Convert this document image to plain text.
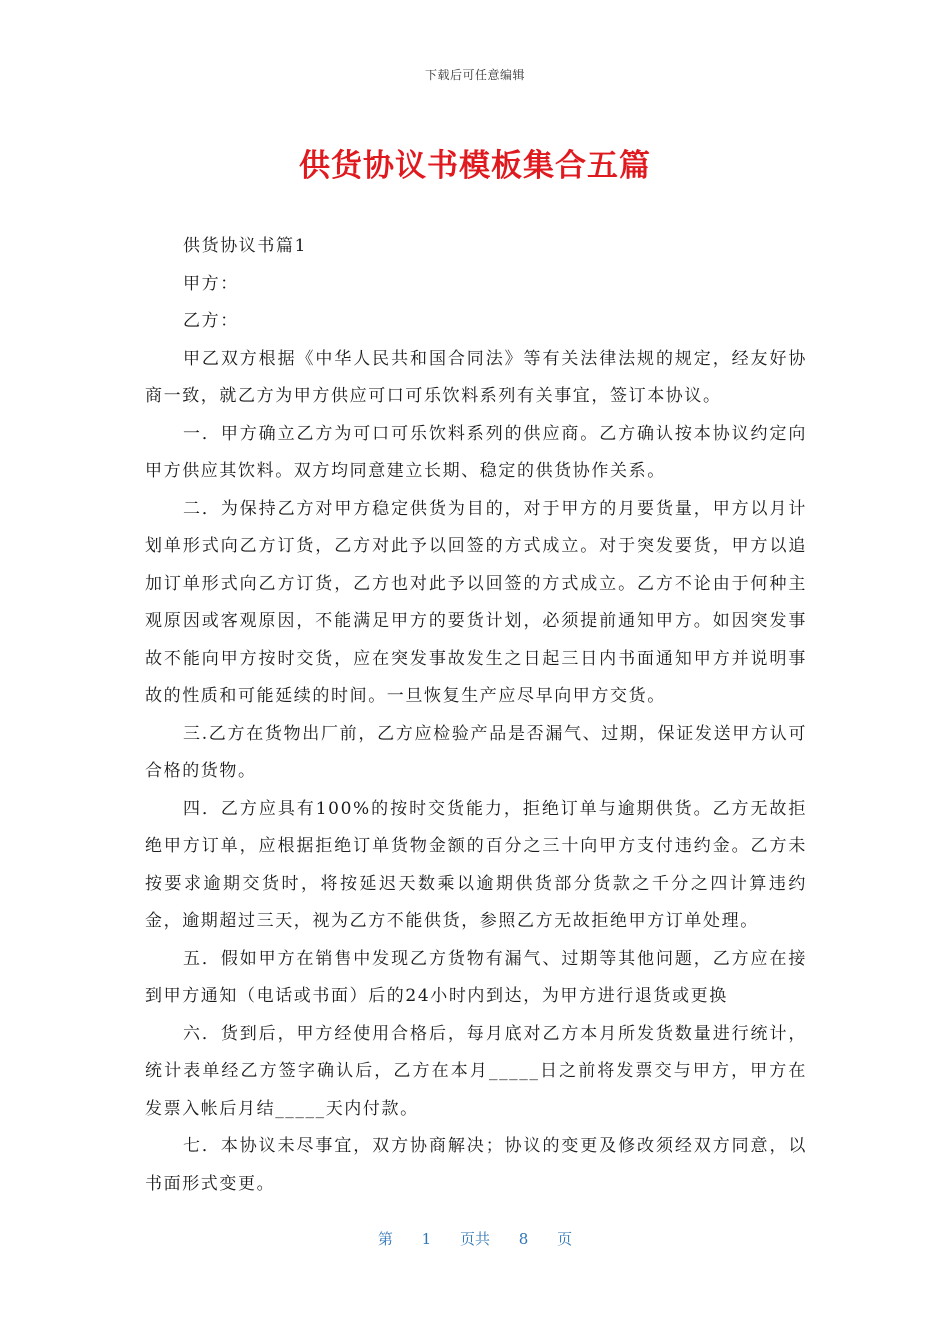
下载后可任意编辑
供货协议书模板集合五篇

供货协议书篇1

甲方：

乙方：

甲乙双方根据《中华人民共和国合同法》等有关法律法规的规定，经友好协商一致，就乙方为甲方供应可口可乐饮料系列有关事宜，签订本协议。

一．甲方确立乙方为可口可乐饮料系列的供应商。乙方确认按本协议约定向甲方供应其饮料。双方均同意建立长期、稳定的供货协作关系。

二．为保持乙方对甲方稳定供货为目的，对于甲方的月要货量，甲方以月计划单形式向乙方订货，乙方对此予以回签的方式成立。对于突发要货，甲方以追加订单形式向乙方订货，乙方也对此予以回签的方式成立。乙方不论由于何种主观原因或客观原因，不能满足甲方的要货计划，必须提前通知甲方。如因突发事故不能向甲方按时交货，应在突发事故发生之日起三日内书面通知甲方并说明事故的性质和可能延续的时间。一旦恢复生产应尽早向甲方交货。

三.乙方在货物出厂前，乙方应检验产品是否漏气、过期，保证发送甲方认可合格的货物。

四．乙方应具有100%的按时交货能力，拒绝订单与逾期供货。乙方无故拒绝甲方订单，应根据拒绝订单货物金额的百分之三十向甲方支付违约金。乙方未按要求逾期交货时，将按延迟天数乘以逾期供货部分货款之千分之四计算违约金，逾期超过三天，视为乙方不能供货，参照乙方无故拒绝甲方订单处理。

五．假如甲方在销售中发现乙方货物有漏气、过期等其他问题，乙方应在接到甲方通知（电话或书面）后的24小时内到达，为甲方进行退货或更换

六．货到后，甲方经使用合格后，每月底对乙方本月所发货数量进行统计，统计表单经乙方签字确认后，乙方在本月_____日之前将发票交与甲方，甲方在发票入帐后月结_____天内付款。

七．本协议未尽事宜，双方协商解决；协议的变更及修改须经双方同意，以书面形式变更。

第 1 页共 8 页
